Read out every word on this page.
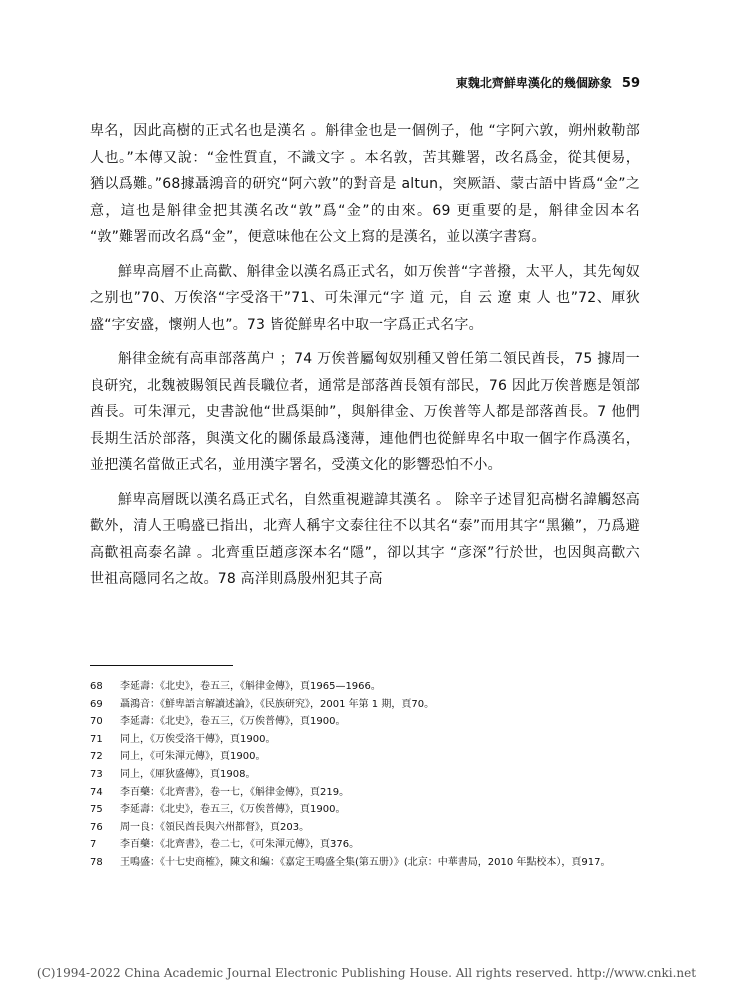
東魏北齊鮮卑漢化的幾個跡象 59

卑名，因此高樹的正式名也是漢名 。斛律金也是一個例子，他 “字阿六敦，朔州敕勒部人也。”本傳又說：“金性質直，不識文字 。本名敦，苦其難署，改名爲金，從其便易，猶以爲難。”68據聶鴻音的研究“阿六敦”的對音是 altun，突厥語、蒙古語中皆爲“金”之意，這也是斛律金把其漢名改“敦”爲“金”的由來。69 更重要的是，斛律金因本名 “敦”難署而改名爲“金”，便意味他在公文上寫的是漢名，並以漢字書寫。

鮮卑高層不止高歡、斛律金以漢名爲正式名，如万俟普“字普撥，太平人，其先匈奴之别也”70、万俟洛“字受洛干”71、可朱渾元“字 道 元，自 云 遼 東 人 也”72、厙狄盛“字安盛，懷朔人也”。73 皆從鮮卑名中取一字爲正式名字。

斛律金統有高車部落萬户 ；74 万俟普屬匈奴别種又曾任第二領民酋長，75 據周一良研究，北魏被賜領民酋長職位者，通常是部落酋長領有部民，76 因此万俟普應是領部酋長。可朱渾元，史書說他“世爲渠帥”，與斛律金、万俟普等人都是部落酋長。7 他們長期生活於部落，與漢文化的關係最爲淺薄，連他們也從鮮卑名中取一個字作爲漢名，並把漢名當做正式名，並用漢字署名，受漢文化的影響恐怕不小。

鮮卑高層既以漢名爲正式名，自然重視避諱其漢名 。 除辛子述冒犯高樹名諱觸怒高歡外，清人王鳴盛已指出，北齊人稱宇文泰往往不以其名“泰”而用其字“黑獺”，乃爲避高歡祖高泰名諱 。北齊重臣趙彦深本名“隱”，卻以其字 “彦深”行於世，也因與高歡六世祖高隱同名之故。78 高洋則爲殷州犯其子高

68	李延壽：《北史》，卷五三，《斛律金傳》，頁1965—1966。
69	聶鴻音：《鮮卑語言解讀述論》，《民族研究》，2001 年第 1 期，頁70。
70	李延壽：《北史》，卷五三，《万俟普傳》，頁1900。
71	同上，《万俟受洛干傳》，頁1900。
72	同上，《可朱渾元傳》，頁1900。
73	同上，《厙狄盛傳》，頁1908。
74	李百藥：《北齊書》，卷一七，《斛律金傳》，頁219。
75	李延壽：《北史》，卷五三，《万俟普傳》，頁1900。
76	周一良：《領民酋長與六州都督》，頁203。
7	李百藥：《北齊書》，卷二七，《可朱渾元傳》，頁376。
78	王鳴盛：《十七史商榷》，陳文和編：《嘉定王鳴盛全集(第五册）》(北京：中華書局，2010 年點校本），頁917。
(C)1994-2022 China Academic Journal Electronic Publishing House. All rights reserved. http://www.cnki.net
